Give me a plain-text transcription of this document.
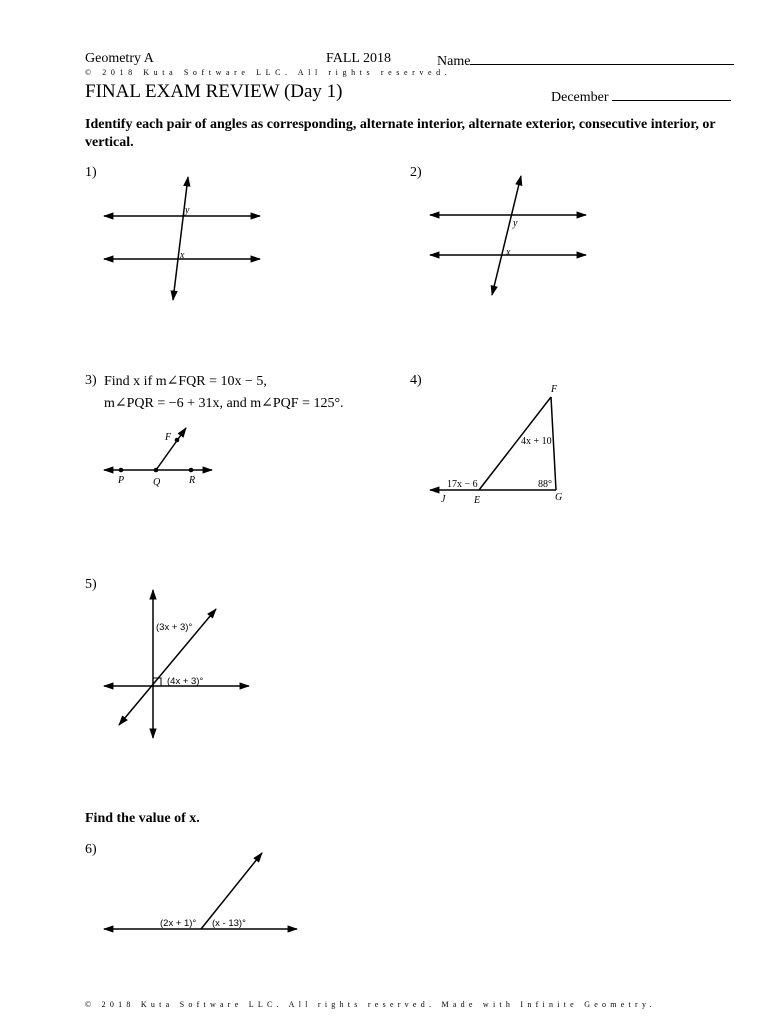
Geometry A	FALL 2018	Name
© 2018 Kuta Software LLC. All rights reserved.
FINAL EXAM REVIEW (Day 1)	December
Identify each pair of angles as corresponding, alternate interior, alternate exterior, consecutive interior, or vertical.
1)
y
x
2)
y
x
3) Find x if m∠FQR = 10x − 5,
m∠PQR = −6 + 31x, and m∠PQF = 125°.
F
P	Q	R
4)
F
J	E	G
4x + 10
17x − 6	88°
5)
(3x + 3)°
(4x + 3)°
Find the value of x.
6)
(2x + 1)° (x - 13)°
© 2018 Kuta Software LLC. All rights reserved. Made with Infinite Geometry.
